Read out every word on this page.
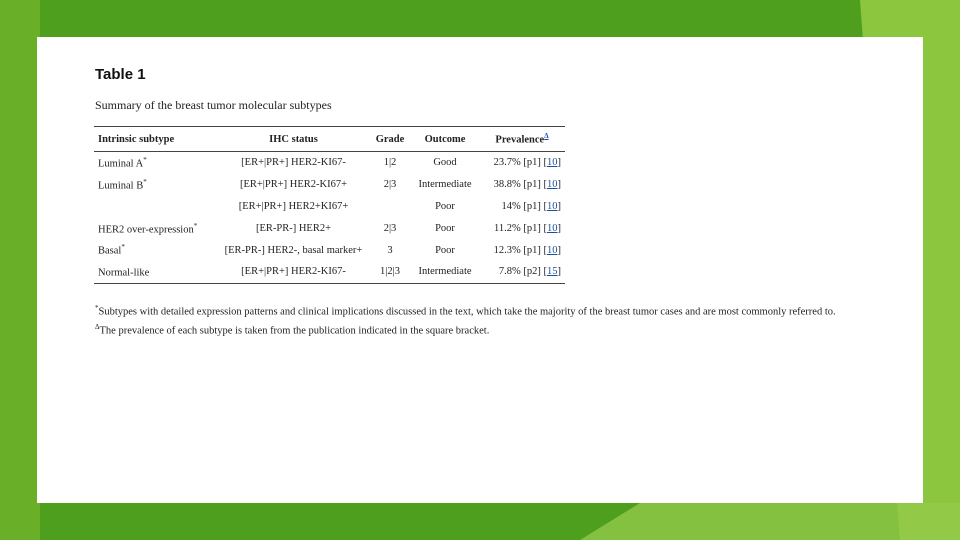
Table 1
Summary of the breast tumor molecular subtypes
Intrinsic subtype	IHC status	Grade	Outcome	Prevalence$^\Delta$
Luminal A*	[ER+|PR+] HER2-KI67-	1|2	Good	23.7% [p1] [10]
Luminal B*	[ER+|PR+] HER2-KI67+	2|3	Intermediate	38.8% [p1] [10]
	[ER+|PR+] HER2+KI67+		Poor	14% [p1] [10]
HER2 over-expression*	[ER-PR-] HER2+	2|3	Poor	11.2% [p1] [10]
Basal*	[ER-PR-] HER2-, basal marker+	3	Poor	12.3% [p1] [10]
Normal-like	[ER+|PR+] HER2-KI67-	1|2|3	Intermediate	7.8% [p2] [15]

*Subtypes with detailed expression patterns and clinical implications discussed in the text, which take the majority of the breast tumor cases and are most commonly referred to.

$^\Delta$The prevalence of each subtype is taken from the publication indicated in the square bracket.
